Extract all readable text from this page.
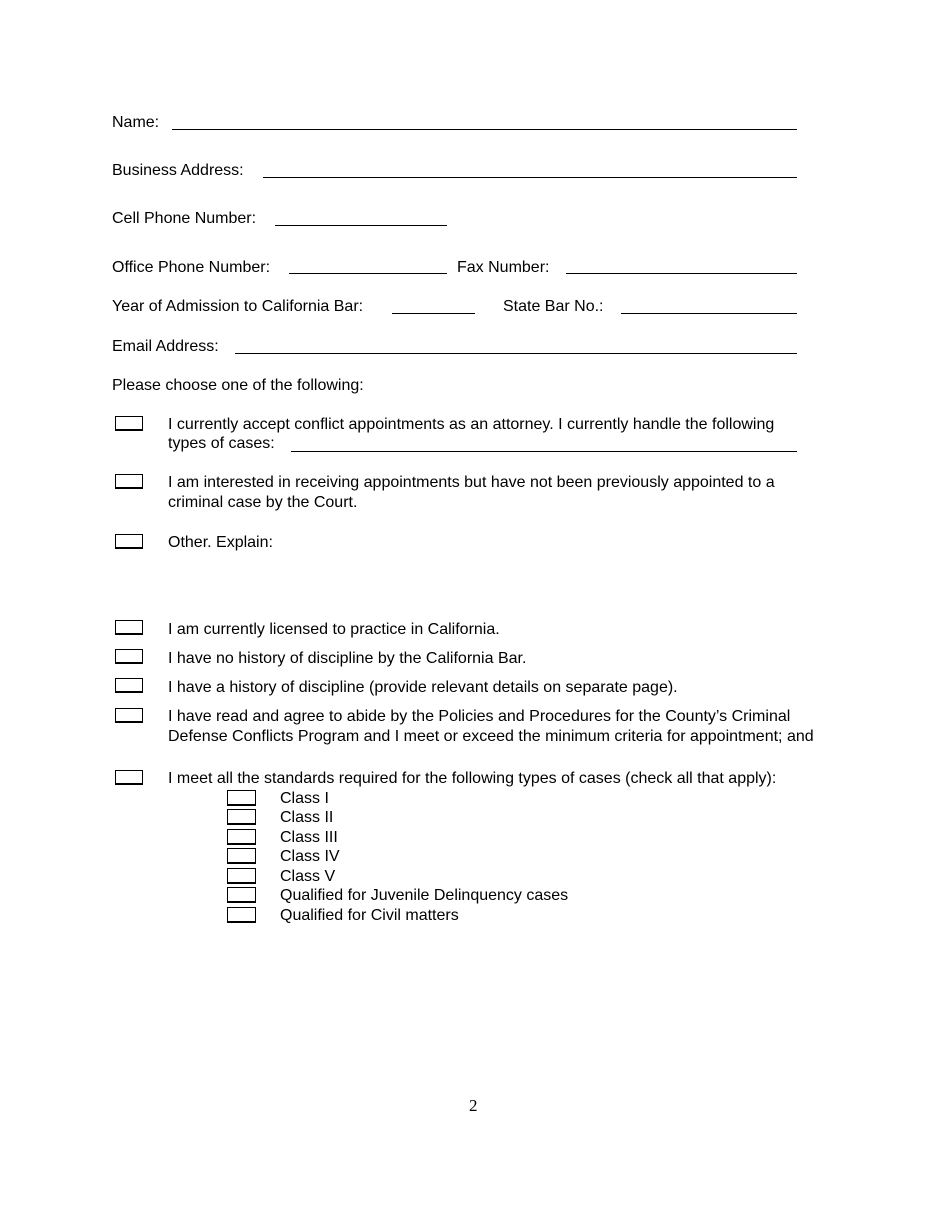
Name:
Business Address:
Cell Phone Number:
Office Phone Number:	Fax Number:
Year of Admission to California Bar:	State Bar No.:
Email Address:
Please choose one of the following:
I currently accept conflict appointments as an attorney. I currently handle the following
types of cases:
I am interested in receiving appointments but have not been previously appointed to a criminal case by the Court.
Other. Explain:
I am currently licensed to practice in California.
I have no history of discipline by the California Bar.
I have a history of discipline (provide relevant details on separate page).
I have read and agree to abide by the Policies and Procedures for the County’s Criminal Defense Conflicts Program and I meet or exceed the minimum criteria for appointment; and
I meet all the standards required for the following types of cases (check all that apply):
Class I
Class II
Class III
Class IV
Class V
Qualified for Juvenile Delinquency cases
Qualified for Civil matters
2
